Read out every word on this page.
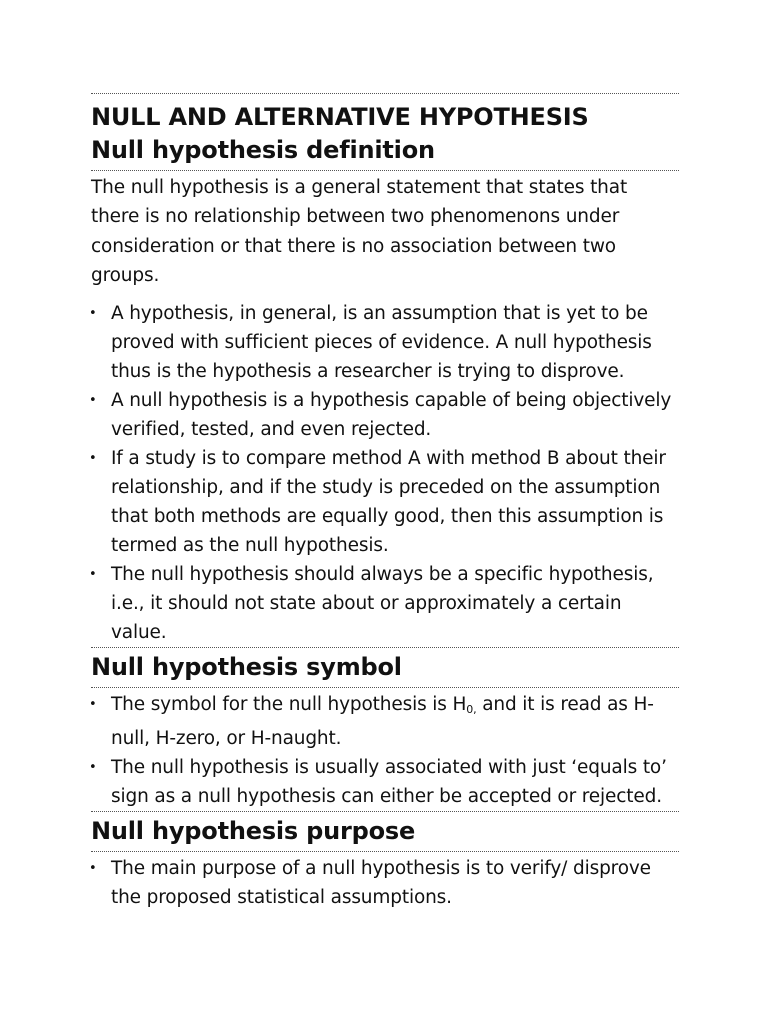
NULL AND ALTERNATIVE HYPOTHESIS
Null hypothesis definition
The null hypothesis is a general statement that states that there is no relationship between two phenomenons under consideration or that there is no association between two groups.
• A hypothesis, in general, is an assumption that is yet to be proved with sufficient pieces of evidence. A null hypothesis thus is the hypothesis a researcher is trying to disprove.
• A null hypothesis is a hypothesis capable of being objectively verified, tested, and even rejected.
• If a study is to compare method A with method B about their relationship, and if the study is preceded on the assumption that both methods are equally good, then this assumption is termed as the null hypothesis.
• The null hypothesis should always be a specific hypothesis, i.e., it should not state about or approximately a certain value.
Null hypothesis symbol
• The symbol for the null hypothesis is $H_{0,}$ and it is read as H-null, H-zero, or H-naught.
• The null hypothesis is usually associated with just ‘equals to’ sign as a null hypothesis can either be accepted or rejected.
Null hypothesis purpose
• The main purpose of a null hypothesis is to verify/ disprove the proposed statistical assumptions.
